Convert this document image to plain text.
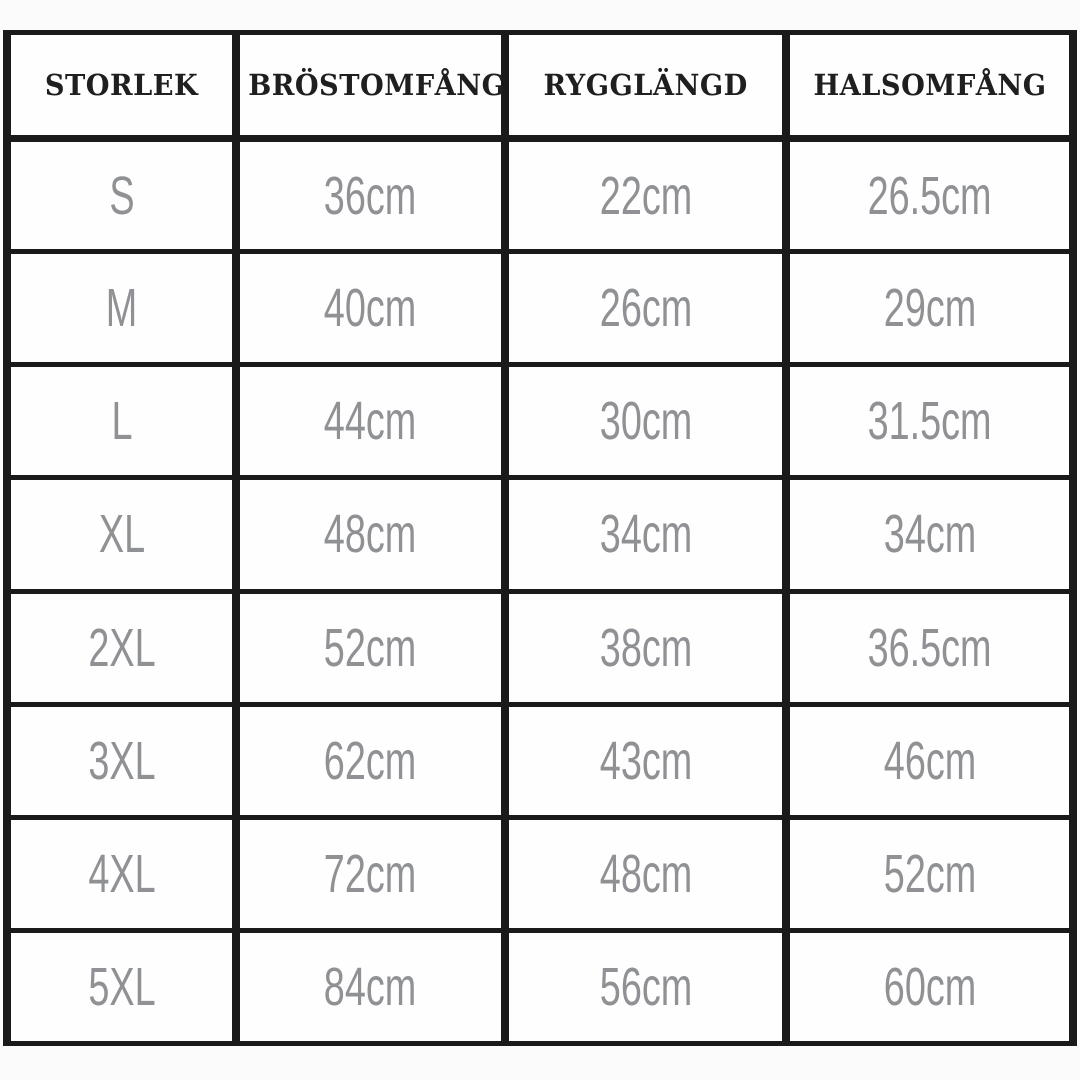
STORLEK	BRÖSTOMFÅNG	RYGGLÄNGD	HALSOMFÅNG
S	36cm	22cm	26.5cm
M	40cm	26cm	29cm
L	44cm	30cm	31.5cm
XL	48cm	34cm	34cm
2XL	52cm	38cm	36.5cm
3XL	62cm	43cm	46cm
4XL	72cm	48cm	52cm
5XL	84cm	56cm	60cm
